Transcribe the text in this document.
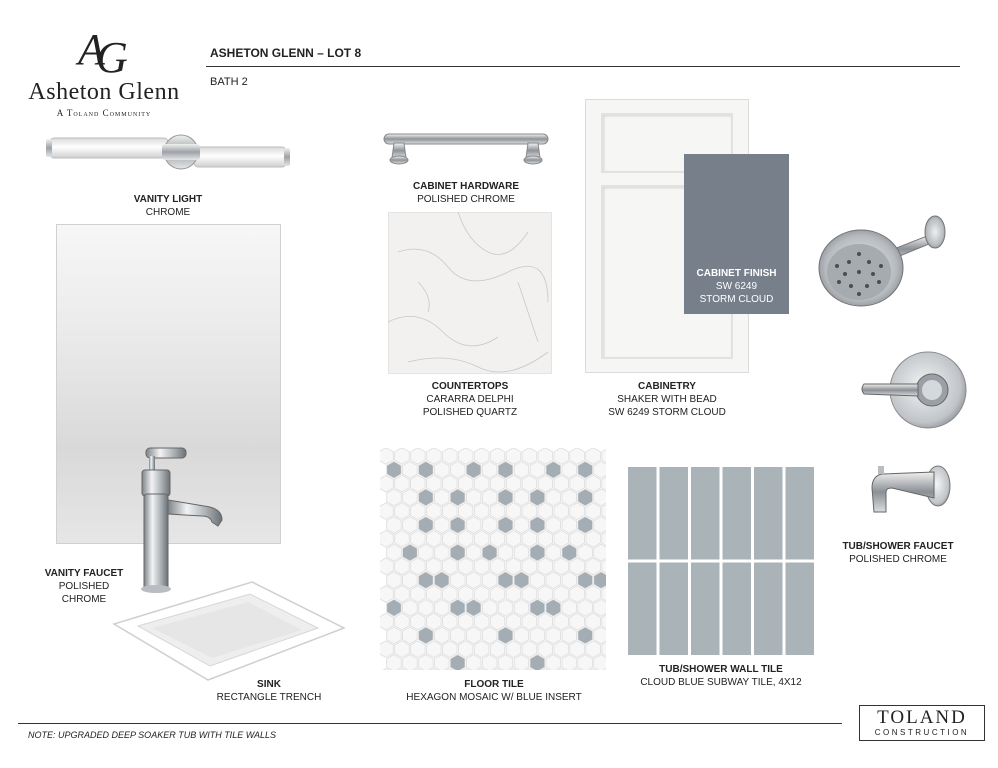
A
G
Asheton Glenn
A Toland Community
ASHETON GLENN – LOT 8
BATH 2
VANITY LIGHT
CHROME
VANITY FAUCET
POLISHED
CHROME
SINK
RECTANGLE TRENCH
CABINET HARDWARE
POLISHED CHROME
COUNTERTOPS
CARARRA DELPHI
POLISHED QUARTZ
CABINET FINISH
SW 6249
STORM CLOUD
CABINETRY
SHAKER WITH BEAD
SW 6249 STORM CLOUD
TUB/SHOWER FAUCET
POLISHED CHROME
FLOOR TILE
HEXAGON MOSAIC W/ BLUE INSERT
TUB/SHOWER WALL TILE
CLOUD BLUE SUBWAY TILE, 4X12
NOTE: UPGRADED DEEP SOAKER TUB WITH TILE WALLS
TOLAND
CONSTRUCTION
